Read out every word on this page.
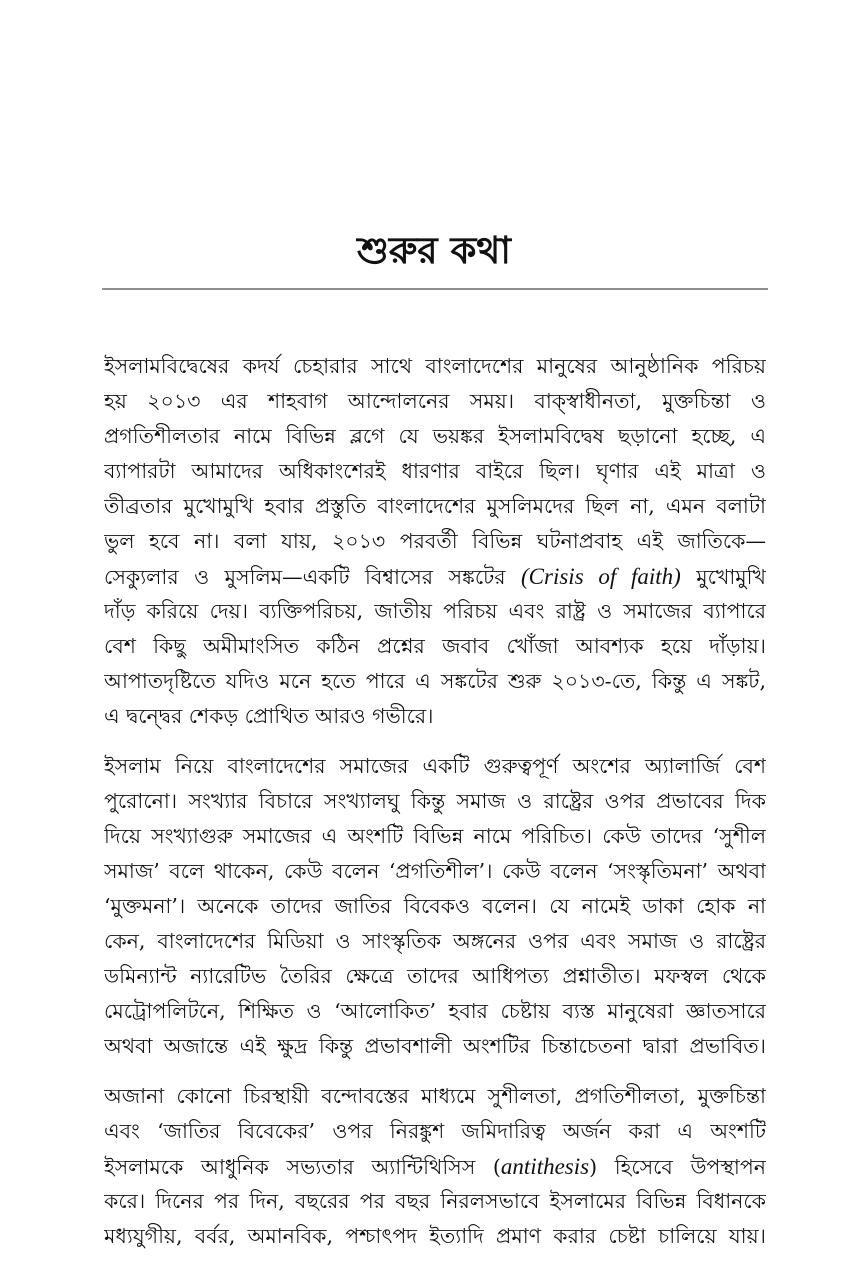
শুরুর কথা
ইসলামবিদ্বেষের কদর্য চেহারার সাথে বাংলাদেশের মানুষের আনুষ্ঠানিক পরিচয়
হয় ২০১৩ এর শাহবাগ আন্দোলনের সময়। বাক্‌স্বাধীনতা, মুক্তচিন্তা ও
প্রগতিশীলতার নামে বিভিন্ন ব্লগে যে ভয়ঙ্কর ইসলামবিদ্বেষ ছড়ানো হচ্ছে, এ
ব্যাপারটা আমাদের অধিকাংশেরই ধারণার বাইরে ছিল। ঘৃণার এই মাত্রা ও
তীব্রতার মুখোমুখি হবার প্রস্তুতি বাংলাদেশের মুসলিমদের ছিল না, এমন বলাটা
ভুল হবে না। বলা যায়, ২০১৩ পরবর্তী বিভিন্ন ঘটনাপ্রবাহ এই জাতিকে—
সেক্যুলার ও মুসলিম—একটি বিশ্বাসের সঙ্কটের (Crisis of faith) মুখোমুখি
দাঁড় করিয়ে দেয়। ব্যক্তিপরিচয়, জাতীয় পরিচয় এবং রাষ্ট্র ও সমাজের ব্যাপারে
বেশ কিছু অমীমাংসিত কঠিন প্রশ্নের জবাব খোঁজা আবশ্যক হয়ে দাঁড়ায়।
আপাতদৃষ্টিতে যদিও মনে হতে পারে এ সঙ্কটের শুরু ২০১৩-তে, কিন্তু এ সঙ্কট,
এ দ্বন্দ্বের শেকড় প্রোথিত আরও গভীরে।
ইসলাম নিয়ে বাংলাদেশের সমাজের একটি গুরুত্বপূর্ণ অংশের অ্যালার্জি বেশ
পুরোনো। সংখ্যার বিচারে সংখ্যালঘু কিন্তু সমাজ ও রাষ্ট্রের ওপর প্রভাবের দিক
দিয়ে সংখ্যাগুরু সমাজের এ অংশটি বিভিন্ন নামে পরিচিত। কেউ তাদের ‘সুশীল
সমাজ’ বলে থাকেন, কেউ বলেন ‘প্রগতিশীল’। কেউ বলেন ‘সংস্কৃতিমনা’ অথবা
‘মুক্তমনা’। অনেকে তাদের জাতির বিবেকও বলেন। যে নামেই ডাকা হোক না
কেন, বাংলাদেশের মিডিয়া ও সাংস্কৃতিক অঙ্গনের ওপর এবং সমাজ ও রাষ্ট্রের
ডমিন্যান্ট ন্যারেটিভ তৈরির ক্ষেত্রে তাদের আধিপত্য প্রশ্নাতীত। মফস্বল থেকে
মেট্রোপলিটনে, শিক্ষিত ও ‘আলোকিত’ হবার চেষ্টায় ব্যস্ত মানুষেরা জ্ঞাতসারে
অথবা অজান্তে এই ক্ষুদ্র কিন্তু প্রভাবশালী অংশটির চিন্তাচেতনা দ্বারা প্রভাবিত।
অজানা কোনো চিরস্থায়ী বন্দোবস্তের মাধ্যমে সুশীলতা, প্রগতিশীলতা, মুক্তচিন্তা
এবং ‘জাতির বিবেকের’ ওপর নিরঙ্কুশ জমিদারিত্ব অর্জন করা এ অংশটি
ইসলামকে আধুনিক সভ্যতার অ্যান্টিথিসিস (antithesis) হিসেবে উপস্থাপন
করে। দিনের পর দিন, বছরের পর বছর নিরলসভাবে ইসলামের বিভিন্ন বিধানকে
মধ্যযুগীয়, বর্বর, অমানবিক, পশ্চাৎপদ ইত্যাদি প্রমাণ করার চেষ্টা চালিয়ে যায়।
